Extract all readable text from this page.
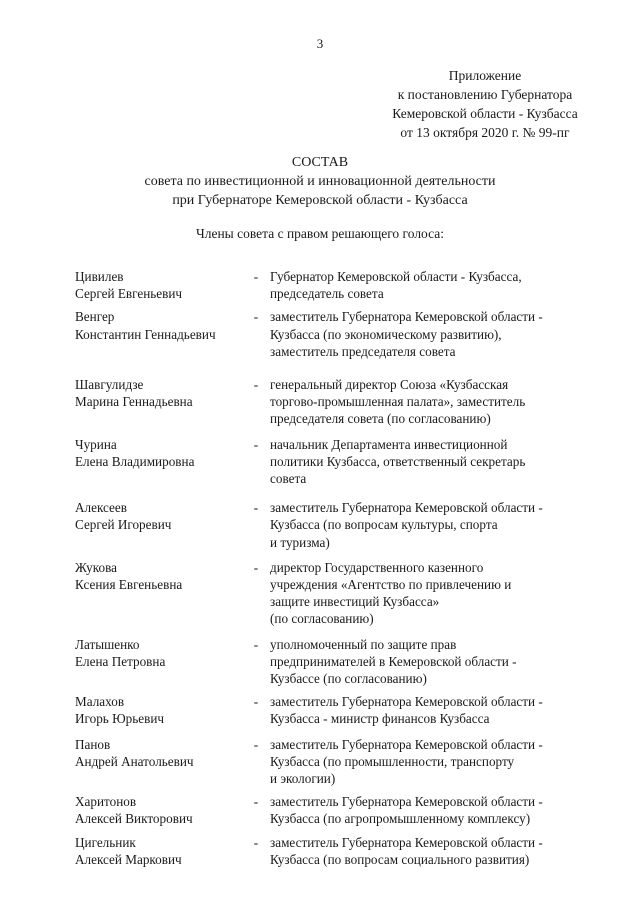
3
Приложение
к постановлению Губернатора
Кемеровской области - Кузбасса
от 13 октября 2020 г. № 99-пг
СОСТАВ
совета по инвестиционной и инновационной деятельности
при Губернаторе Кемеровской области - Кузбасса
Члены совета с правом решающего голоса:
Цивилев
Сергей Евгеньевич
- Губернатор Кемеровской области - Кузбасса,
председатель совета
Венгер
Константин Геннадьевич
- заместитель Губернатора Кемеровской области -
Кузбасса (по экономическому развитию),
заместитель председателя совета
Шавгулидзе
Марина Геннадьевна
- генеральный директор Союза «Кузбасская
торгово-промышленная палата», заместитель
председателя совета (по согласованию)
Чурина
Елена Владимировна
- начальник Департамента инвестиционной
политики Кузбасса, ответственный секретарь
совета
Алексеев
Сергей Игоревич
- заместитель Губернатора Кемеровской области -
Кузбасса (по вопросам культуры, спорта
и туризма)
Жукова
Ксения Евгеньевна
- директор Государственного казенного
учреждения «Агентство по привлечению и
защите инвестиций Кузбасса»
(по согласованию)
Латышенко
Елена Петровна
- уполномоченный по защите прав
предпринимателей в Кемеровской области -
Кузбассе (по согласованию)
Малахов
Игорь Юрьевич
- заместитель Губернатора Кемеровской области -
Кузбасса - министр финансов Кузбасса
Панов
Андрей Анатольевич
- заместитель Губернатора Кемеровской области -
Кузбасса (по промышленности, транспорту
и экологии)
Харитонов
Алексей Викторович
- заместитель Губернатора Кемеровской области -
Кузбасса (по агропромышленному комплексу)
Цигельник
Алексей Маркович
- заместитель Губернатора Кемеровской области -
Кузбасса (по вопросам социального развития)
